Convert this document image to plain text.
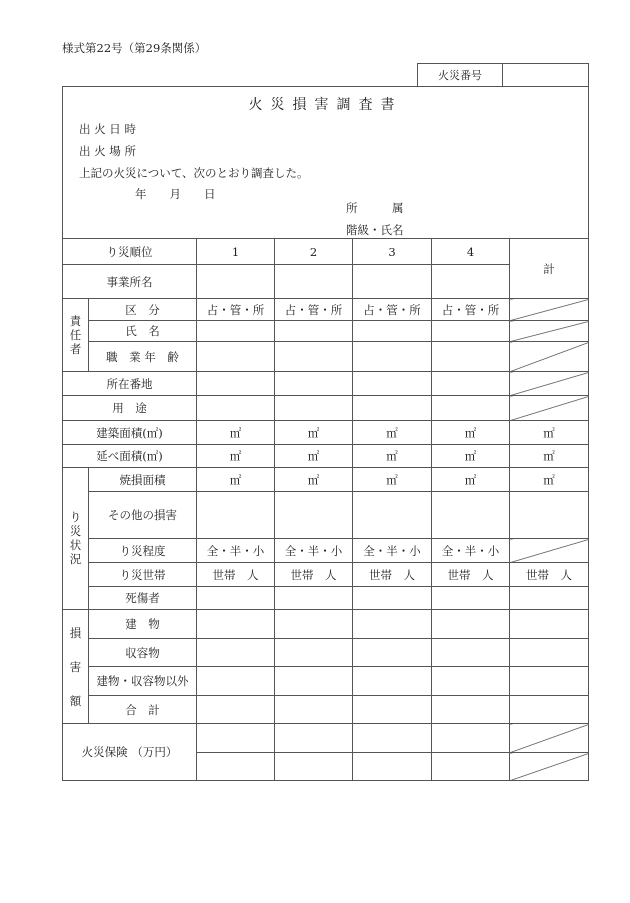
様式第22号（第29条関係）
火災番号	
火災損害調査書
出 火 日 時
出 火 場 所
上記の火災について、次のとおり調査した。
年　　月　　日
所　　　属
階級・氏名
り災順位		1	2	3	4	計
事業所名						
責任者	区　分	占・管・所	占・管・所	占・管・所	占・管・所	
	氏　名					
	職　業 年　齢					
所在番地						
用　途						
建築面積(㎡)		㎡	㎡	㎡	㎡	㎡
延べ面積(㎡)		㎡	㎡	㎡	㎡	㎡
り災状況	焼損面積	㎡	㎡	㎡	㎡	㎡
	その他の損害					
	り災程度	全・半・小	全・半・小	全・半・小	全・半・小	
	り災世帯	世帯　人	世帯　人	世帯　人	世帯　人	世帯　人
	死傷者					
損害額	建　物					
	収容物					
	建物・収容物以外					
	合　計					
火災保険 （万円）						
